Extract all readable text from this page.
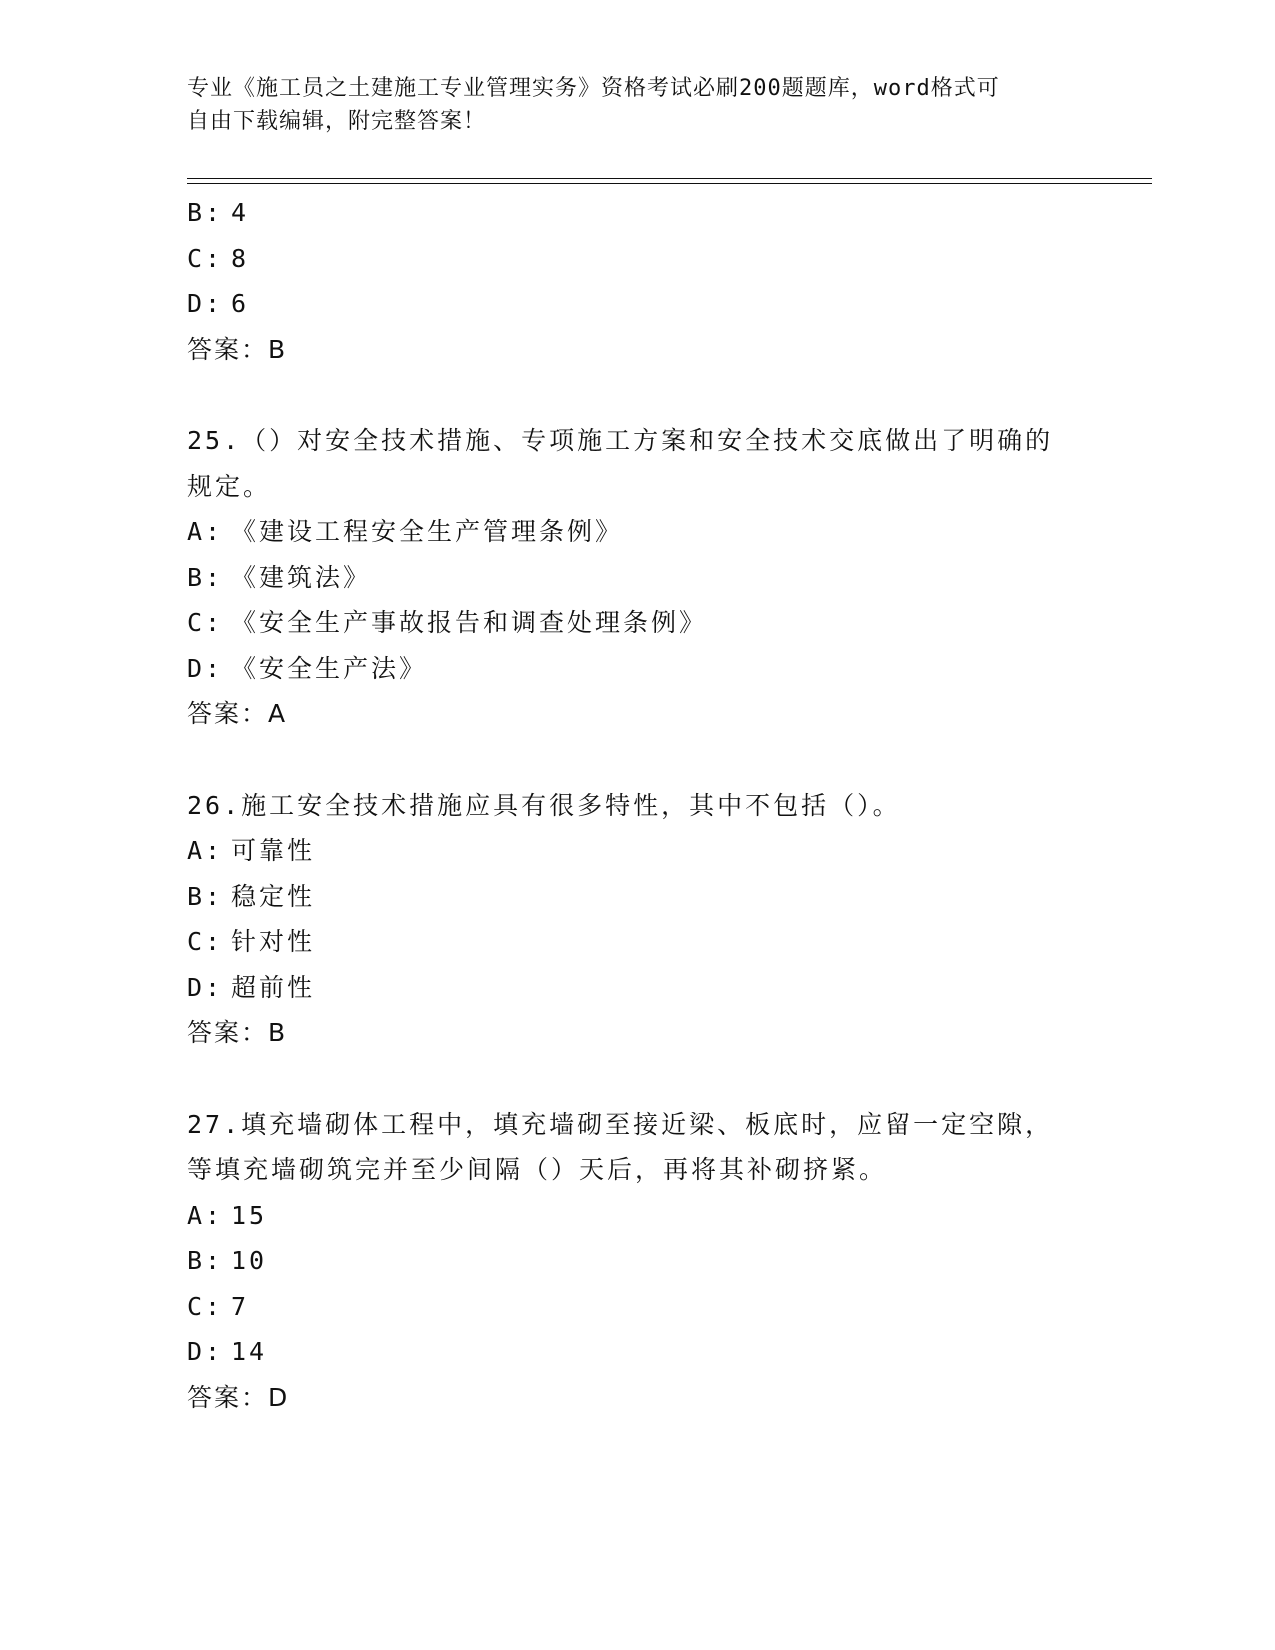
专业《施工员之土建施工专业管理实务》资格考试必刷200题题库，word格式可
自由下载编辑，附完整答案！
B: 4
C: 8
D: 6
答案：B
25.（）对安全技术措施、专项施工方案和安全技术交底做出了明确的
规定。
A: 《建设工程安全生产管理条例》
B: 《建筑法》
C: 《安全生产事故报告和调查处理条例》
D: 《安全生产法》
答案：A
26.施工安全技术措施应具有很多特性，其中不包括（）。
A: 可靠性
B: 稳定性
C: 针对性
D: 超前性
答案：B
27.填充墙砌体工程中，填充墙砌至接近梁、板底时，应留一定空隙，
等填充墙砌筑完并至少间隔（）天后，再将其补砌挤紧。
A: 15
B: 10
C: 7
D: 14
答案：D
